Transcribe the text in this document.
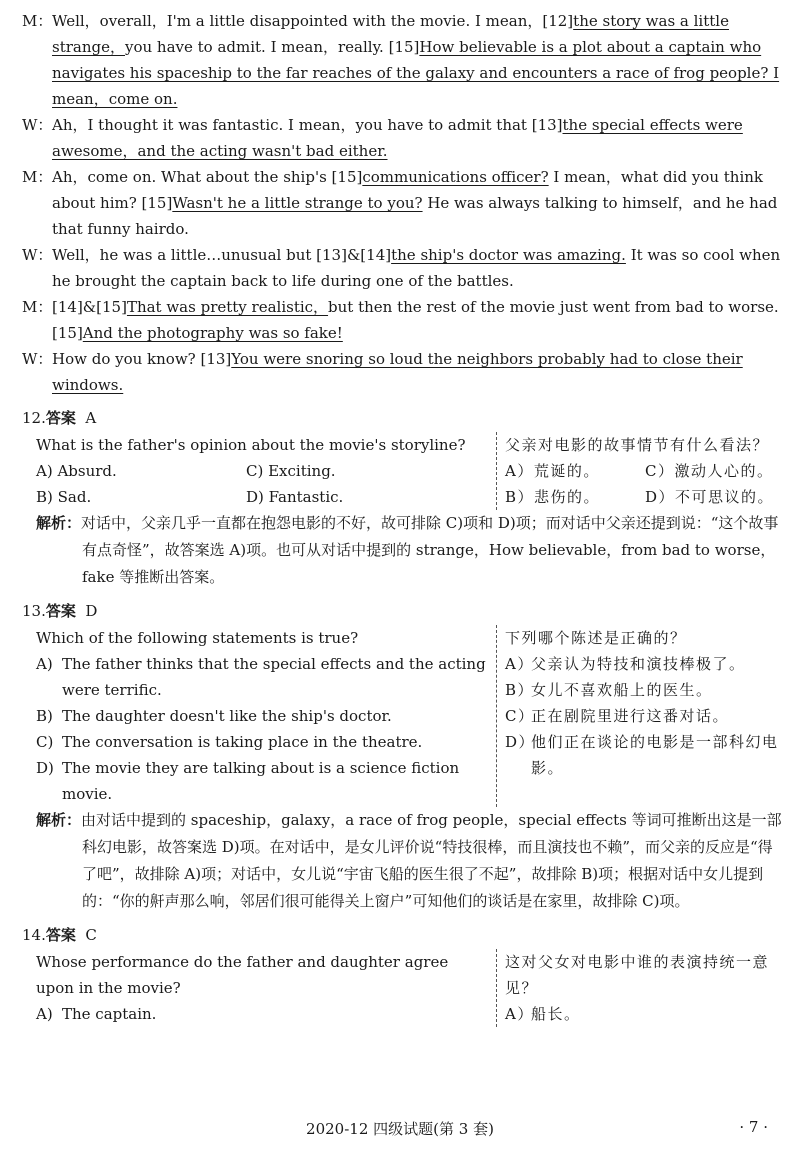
M： Well，overall，I'm a little disappointed with the movie. I mean，[12]the story was a little strange，you have to admit. I mean，really. [15]How believable is a plot about a captain who navigates his spaceship to the far reaches of the galaxy and encounters a race of frog people? I mean，come on.
W： Ah，I thought it was fantastic. I mean，you have to admit that [13]the special effects were awesome，and the acting wasn't bad either.
M： Ah，come on. What about the ship's [15]communications officer? I mean，what did you think about him? [15]Wasn't he a little strange to you? He was always talking to himself，and he had that funny hairdo.
W： Well，he was a little…unusual but [13]&[14]the ship's doctor was amazing. It was so cool when he brought the captain back to life during one of the battles.
M： [14]&[15]That was pretty realistic，but then the rest of the movie just went from bad to worse. [15]And the photography was so fake!
W： How do you know? [13]You were snoring so loud the neighbors probably had to close their windows.
12.答案  A
What is the father's opinion about the movie's storyline?
A) Absurd.	C) Exciting.
B) Sad.	D) Fantastic.
父亲对电影的故事情节有什么看法？
A）荒诞的。	C）激动人心的。
B）悲伤的。	D）不可思议的。
解析：对话中，父亲几乎一直都在抱怨电影的不好，故可排除 C)项和 D)项；而对话中父亲还提到说：“这个故事有点奇怪”，故答案选 A)项。也可从对话中提到的 strange，How believable，from bad to worse，fake 等推断出答案。
13.答案  D
Which of the following statements is true?
A) The father thinks that the special effects and the acting were terrific.
B) The daughter doesn't like the ship's doctor.
C) The conversation is taking place in the theatre.
D) The movie they are talking about is a science fiction movie.
下列哪个陈述是正确的？
A）
父亲认为特技和演技棒极了。
B）
女儿不喜欢船上的医生。
C）
正在剧院里进行这番对话。
D）
他们正在谈论的电影是一部科幻电影。
解析：由对话中提到的 spaceship，galaxy，a race of frog people，special effects 等词可推断出这是一部科幻电影，故答案选 D)项。在对话中，是女儿评价说“特技很棒，而且演技也不赖”，而父亲的反应是“得了吧”，故排除 A)项；对话中，女儿说“宇宙飞船的医生很了不起”，故排除 B)项；根据对话中女儿提到的：“你的鼾声那么响，邻居们很可能得关上窗户”可知他们的谈话是在家里，故排除 C)项。
14.答案  C
Whose performance do the father and daughter agree upon in the movie?
A) The captain.
这对父女对电影中谁的表演持统一意见？
A）
船长。
2020-12 四级试题(第 3 套)	· 7 ·
